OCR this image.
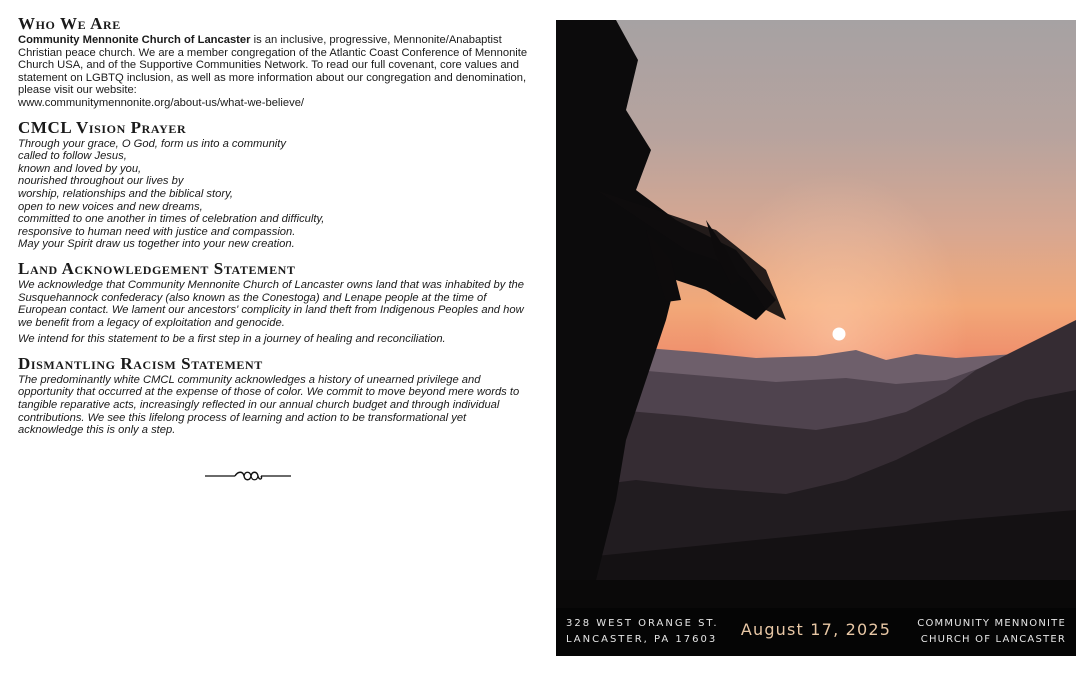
Who We Are

Community Mennonite Church of Lancaster is an inclusive, progressive, Mennonite/Anabaptist Christian peace church. We are a member congregation of the Atlantic Coast Conference of Mennonite Church USA, and of the Supportive Communities Network. To read our full covenant, core values and statement on LGBTQ inclusion, as well as more information about our congregation and denomination, please visit our website:
www.communitymennonite.org/about-us/what-we-believe/

CMCL Vision Prayer
Through your grace, O God, form us into a community
called to follow Jesus,
known and loved by you,
nourished throughout our lives by
worship, relationships and the biblical story,
open to new voices and new dreams,
committed to one another in times of celebration and difficulty,
responsive to human need with justice and compassion.
May your Spirit draw us together into your new creation.
Land Acknowledgement Statement

We acknowledge that Community Mennonite Church of Lancaster owns land that was inhabited by the Susquehannock confederacy (also known as the Conestoga) and Lenape people at the time of European contact. We lament our ancestors' complicity in land theft from Indigenous Peoples and how we benefit from a legacy of exploitation and genocide.

We intend for this statement to be a first step in a journey of healing and reconciliation.

Dismantling Racism Statement

The predominantly white CMCL community acknowledges a history of unearned privilege and opportunity that occurred at the expense of those of color. We commit to move beyond mere words to tangible reparative acts, increasingly reflected in our annual church budget and through individual contributions. We see this lifelong process of learning and action to be transformational yet acknowledge this is only a step.

328 WEST ORANGE ST.
LANCASTER, PA 17603
August 17, 2025	COMMUNITY MENNONITE
CHURCH OF LANCASTER
